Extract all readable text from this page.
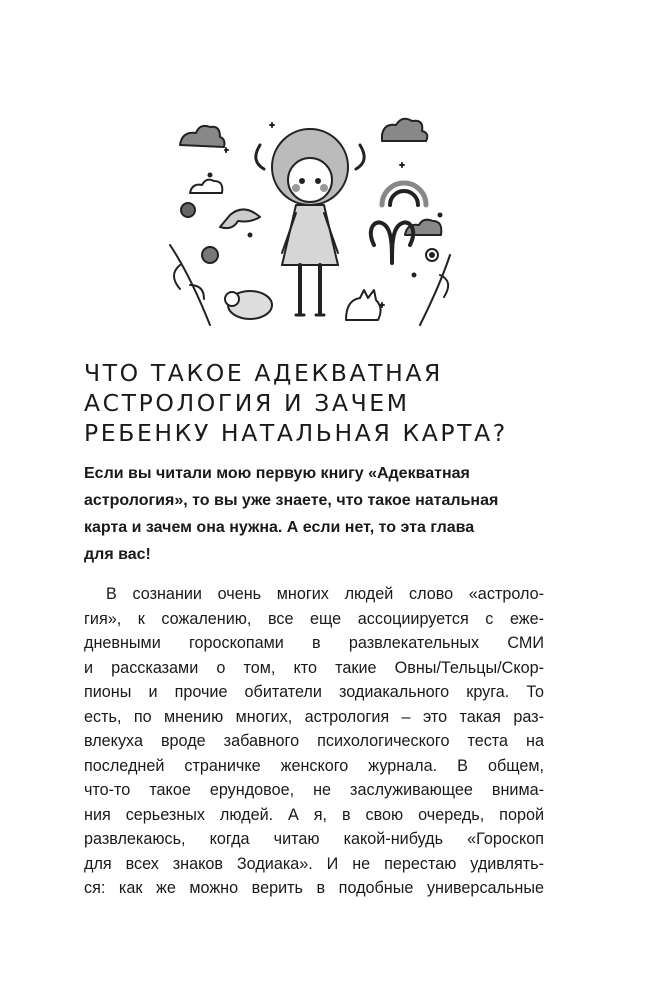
ЧТО ТАКОЕ АДЕКВАТНАЯ
АСТРОЛОГИЯ И ЗАЧЕМ
РЕБЕНКУ НАТАЛЬНАЯ КАРТА?
Если вы читали мою первую книгу «Адекватная
астрология», то вы уже знаете, что такое натальная
карта и зачем она нужна. А если нет, то эта глава
для вас!
В сознании очень многих людей слово «астроло-
гия», к сожалению, все еще ассоциируется с еже-
дневными гороскопами в развлекательных СМИ
и рассказами о том, кто такие Овны/Тельцы/Скор-
пионы и прочие обитатели зодиакального круга. То
есть, по мнению многих, астрология – это такая раз-
влекуха вроде забавного психологического теста на
последней страничке женского журнала. В общем,
что-то такое ерундовое, не заслуживающее внима-
ния серьезных людей. А я, в свою очередь, порой
развлекаюсь, когда читаю какой-нибудь «Гороскоп
для всех знаков Зодиака». И не перестаю удивлять-
ся: как же можно верить в подобные универсальные
